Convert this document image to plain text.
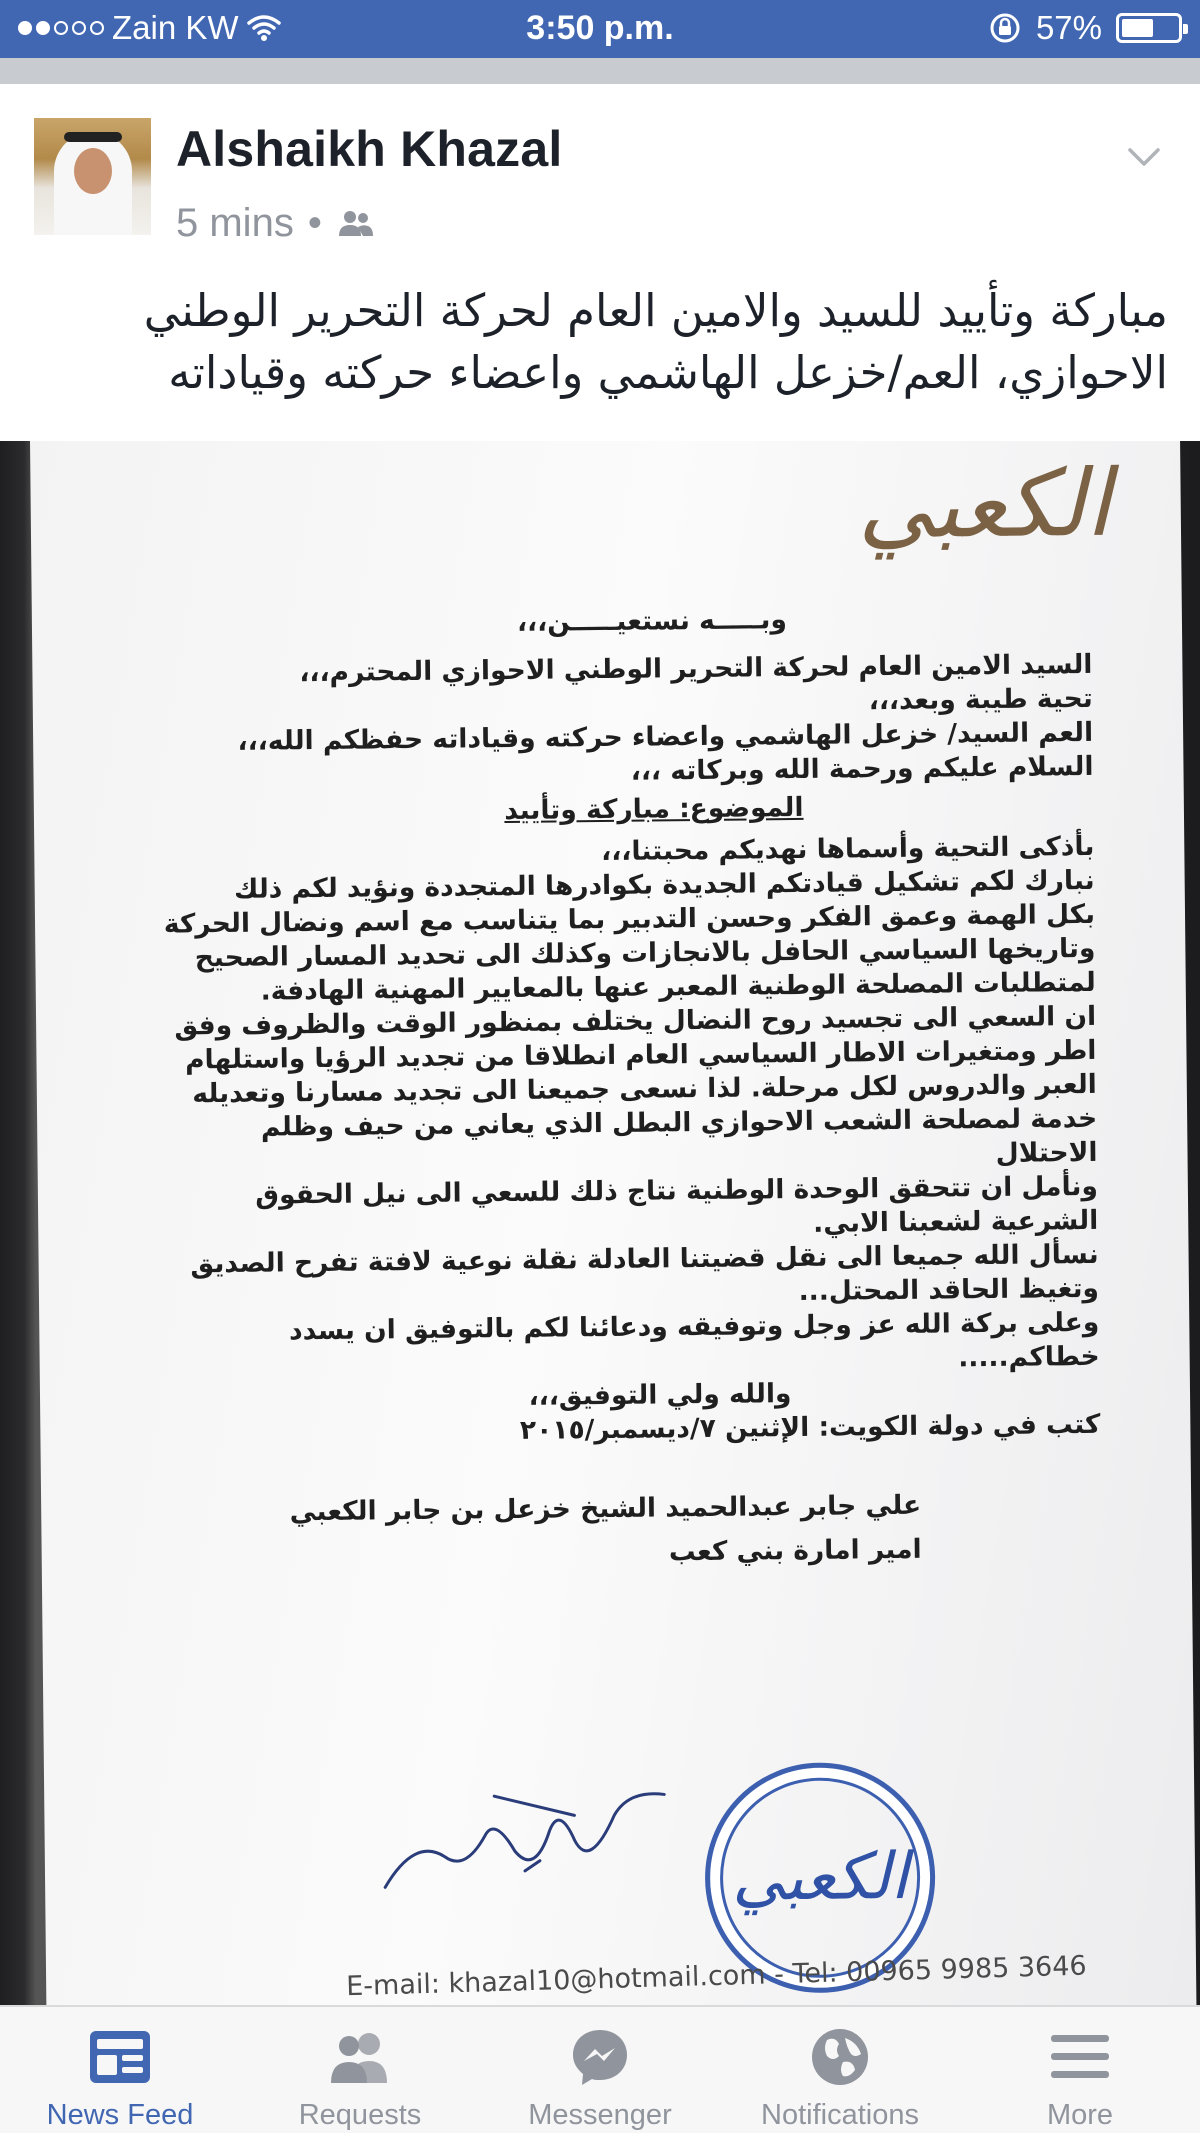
Zain KW	3:50 p.m.	57%
Alshaikh Khazal
5 mins •
مباركة وتأييد للسيد والامين العام لحركة التحرير الوطني
الاحوازي، العم/خزعل الهاشمي واعضاء حركته وقياداته
الكعبي
وبـــــه نستعيـــــن،،،
السيد الامين العام لحركة التحرير الوطني الاحوازي المحترم،،،
تحية طيبة وبعد،،،
العم السيد/ خزعل الهاشمي واعضاء حركته وقياداته حفظكم الله،،،
السلام عليكم ورحمة الله وبركاته ،،،
الموضوع: مباركة وتأييد
بأذكى التحية وأسماها نهديكم محبتنا،،،
نبارك لكم تشكيل قيادتكم الجديدة بكوادرها المتجددة ونؤيد لكم ذلك
بكل الهمة وعمق الفكر وحسن التدبير بما يتناسب مع اسم ونضال الحركة
وتاريخها السياسي الحافل بالانجازات وكذلك الى تحديد المسار الصحيح
لمتطلبات المصلحة الوطنية المعبر عنها بالمعايير المهنية الهادفة.
ان السعي الى تجسيد روح النضال يختلف بمنظور الوقت والظروف وفق
اطر ومتغيرات الاطار السياسي العام انطلاقا من تجديد الرؤيا واستلهام
العبر والدروس لكل مرحلة. لذا نسعى جميعنا الى تجديد مسارنا وتعديله
خدمة لمصلحة الشعب الاحوازي البطل الذي يعاني من حيف وظلم
الاحتلال
ونأمل ان تتحقق الوحدة الوطنية نتاج ذلك للسعي الى نيل الحقوق
الشرعية لشعبنا الابي.
نسأل الله جميعا الى نقل قضيتنا العادلة نقلة نوعية لافتة تفرح الصديق
وتغيظ الحاقد المحتل...
وعلى بركة الله عز وجل وتوفيقه ودعائنا لكم بالتوفيق ان يسدد
خطاكم.....
والله ولي التوفيق،،،
كتب في دولة الكويت: الإثنين ٧/ديسمبر/٢٠١٥
علي جابر عبدالحميد الشيخ خزعل بن جابر الكعبي
امير امارة بني كعب
الكعبي
E-mail: khazal10@hotmail.com - Tel: 00965 9985 3646
News Feed	Requests	Messenger	Notifications	More
